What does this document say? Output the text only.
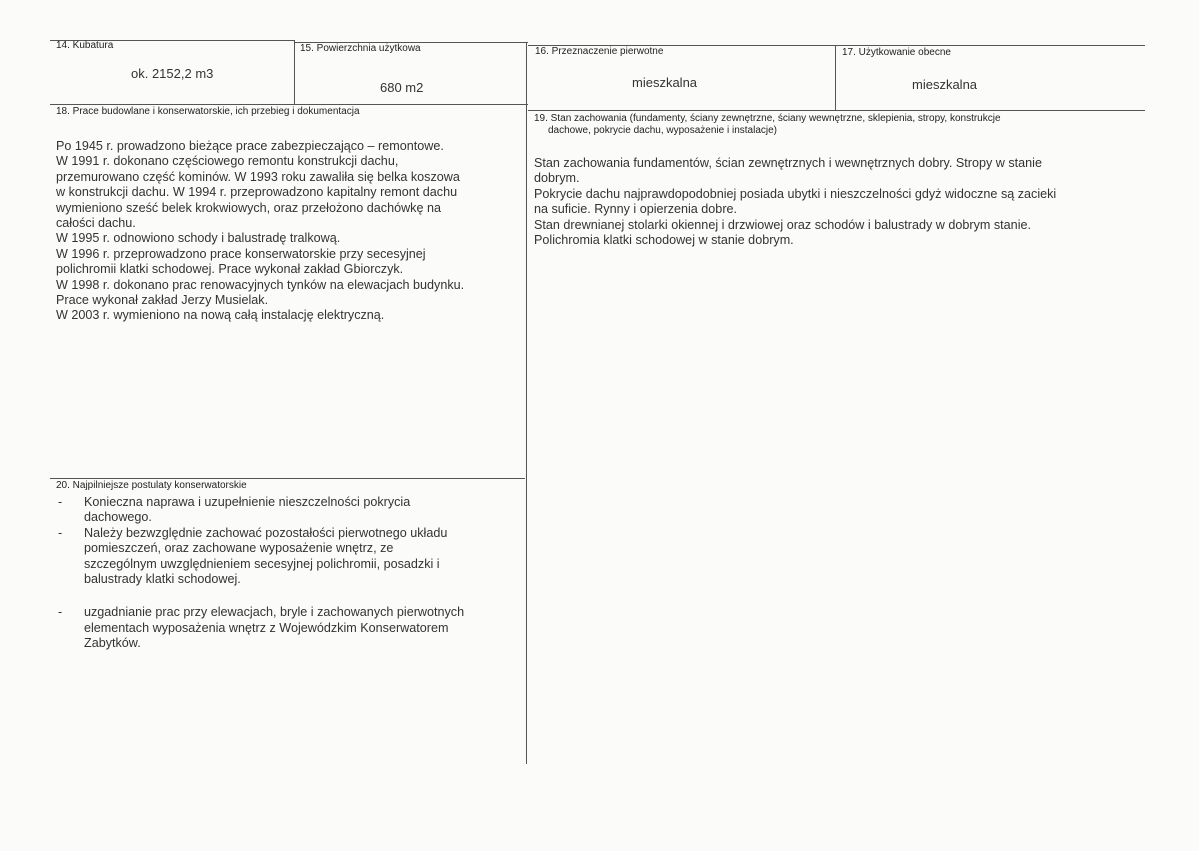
14. Kubatura
ok. 2152,2 m3
15. Powierzchnia użytkowa
680 m2
16. Przeznaczenie pierwotne
mieszkalna
17. Użytkowanie obecne
mieszkalna
18. Prace budowlane i konserwatorskie, ich przebieg i dokumentacja
Po 1945 r. prowadzono bieżące prace zabezpieczająco – remontowe.
W 1991 r. dokonano częściowego remontu konstrukcji dachu,
przemurowano część kominów. W 1993 roku zawaliła się belka koszowa
w konstrukcji dachu. W 1994 r. przeprowadzono kapitalny remont dachu
wymieniono sześć belek krokwiowych, oraz przełożono dachówkę na
całości dachu.
W 1995 r. odnowiono schody i balustradę tralkową.
W 1996 r. przeprowadzono prace konserwatorskie przy secesyjnej
polichromii klatki schodowej. Prace wykonał zakład Gbiorczyk.
W 1998 r. dokonano prac renowacyjnych tynków na elewacjach budynku.
Prace wykonał zakład Jerzy Musielak.
W 2003 r. wymieniono na nową całą instalację elektryczną.
19. Stan zachowania (fundamenty, ściany zewnętrzne, ściany wewnętrzne, sklepienia, stropy, konstrukcje
dachowe, pokrycie dachu, wyposażenie i instalacje)
Stan zachowania fundamentów, ścian zewnętrznych i wewnętrznych dobry. Stropy w stanie
dobrym.
Pokrycie dachu najprawdopodobniej posiada ubytki i nieszczelności gdyż widoczne są zacieki
na suficie. Rynny i opierzenia dobre.
Stan drewnianej stolarki okiennej i drzwiowej oraz schodów i balustrady w dobrym stanie.
Polichromia klatki schodowej w stanie dobrym.
20. Najpilniejsze postulaty konserwatorskie
- Konieczna naprawa i uzupełnienie nieszczelności pokrycia
dachowego.
- Należy bezwzględnie zachować pozostałości pierwotnego układu
pomieszczeń, oraz zachowane wyposażenie wnętrz, ze
szczególnym uwzględnieniem secesyjnej polichromii, posadzki i
balustrady klatki schodowej.
- uzgadnianie prac przy elewacjach, bryle i zachowanych pierwotnych
elementach wyposażenia wnętrz z Wojewódzkim Konserwatorem
Zabytków.
